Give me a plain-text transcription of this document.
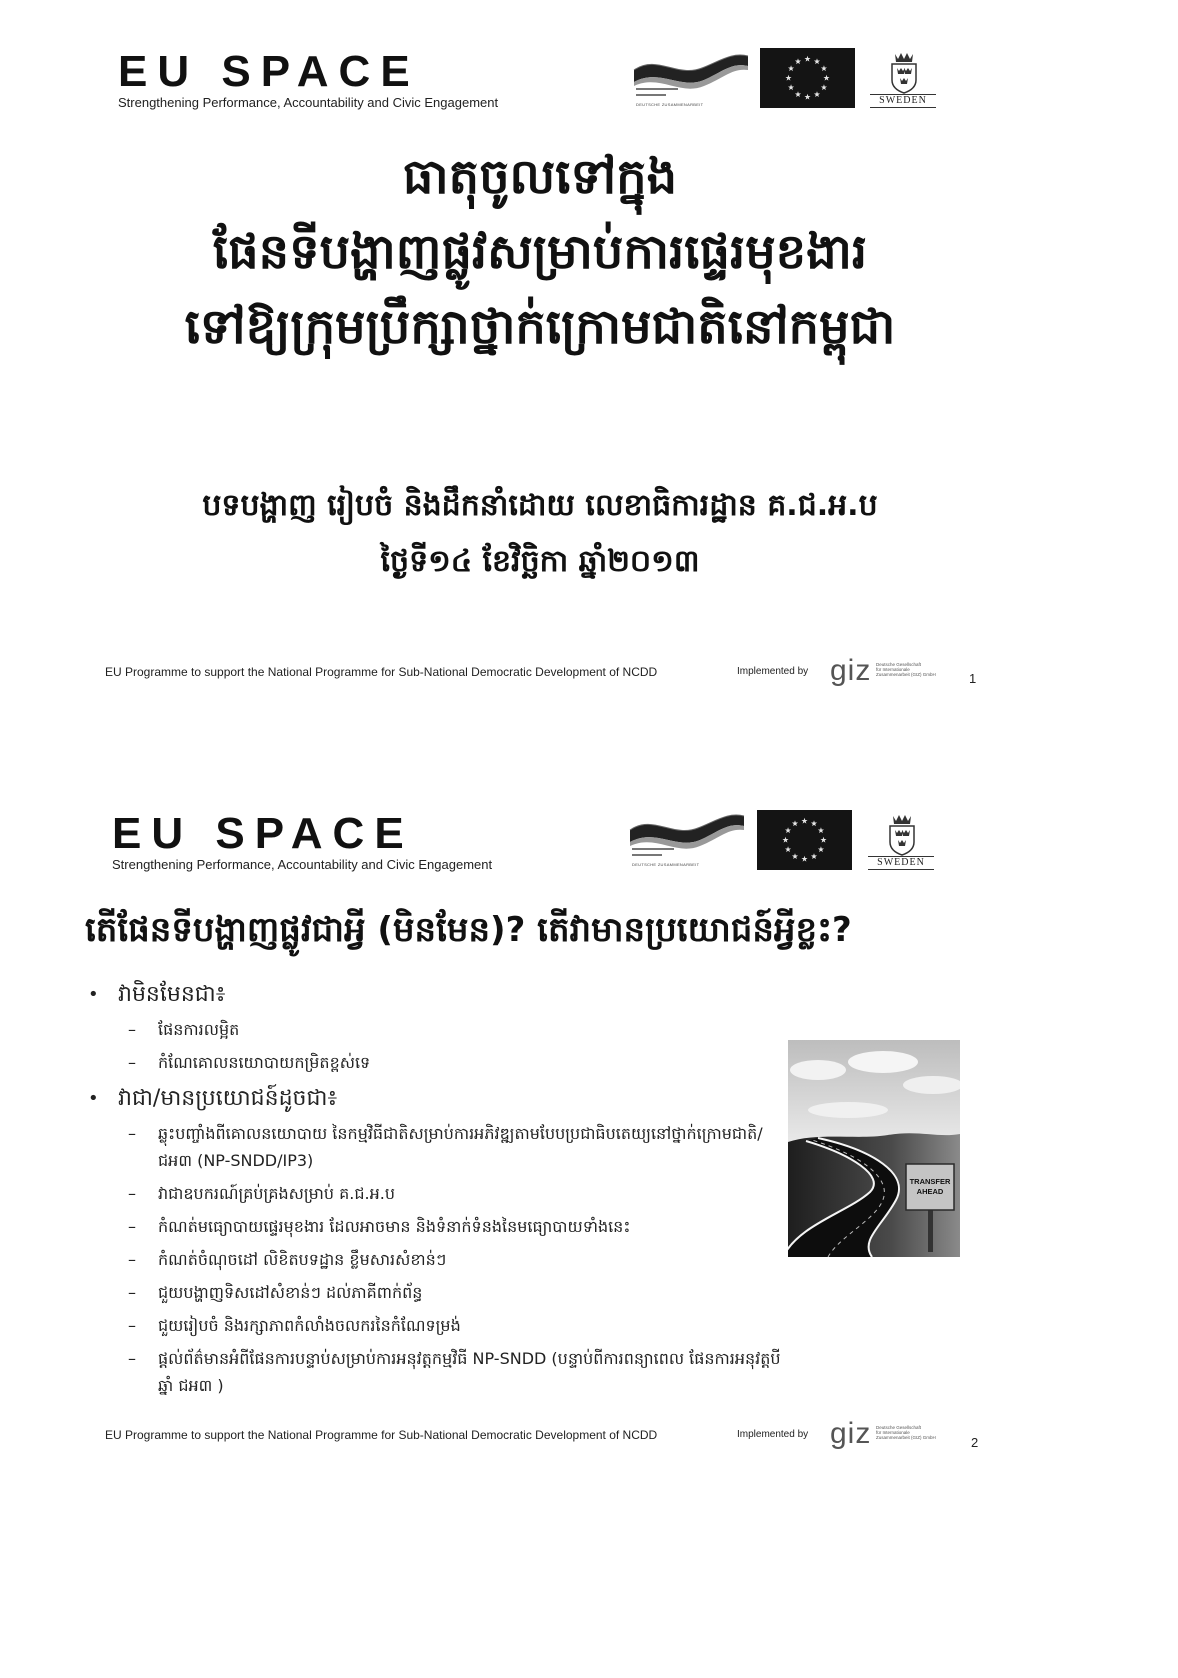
EU SPACE
Strengthening Performance, Accountability and Civic Engagement	DEUTSCHE ZUSAMMENARBEIT	SWEDEN
ធាតុចូលទៅក្នុង
ផែនទីបង្ហាញផ្លូវសម្រាប់ការផ្ទេរមុខងារ
ទៅឱ្យក្រុមប្រឹក្សាថ្នាក់ក្រោមជាតិនៅកម្ពុជា
បទបង្ហាញ រៀបចំ និងដឹកនាំដោយ លេខាធិការដ្ឋាន គ.ជ.អ.ប
ថ្ងៃទី១៤ ខែវិច្ឆិកា ឆ្នាំ២០១៣
EU Programme to support the National Programme for Sub-National Democratic Development of NCDD	Implemented by giz Deutsche Gesellschaft
für Internationale
Zusammenarbeit (GIZ) GmbH	1
EU SPACE
Strengthening Performance, Accountability and Civic Engagement	DEUTSCHE ZUSAMMENARBEIT	SWEDEN
តើផែនទីបង្ហាញផ្លូវជាអ្វី (មិនមែន)? តើវាមានប្រយោជន៍អ្វីខ្លះ?
• វាមិនមែនជា៖
– ផែនការលម្អិត
– កំណែគោលនយោបាយកម្រិតខ្ពស់ទេ
• វាជា/មានប្រយោជន៍ដូចជា៖
– ឆ្លុះបញ្ចាំងពីគោលនយោបាយ នៃកម្មវិធីជាតិសម្រាប់ការអភិវឌ្ឍតាមបែបប្រជាធិបតេយ្យនៅថ្នាក់ក្រោមជាតិ/ ជអ៣ (NP-SNDD/IP3)
– វាជាឧបករណ៍គ្រប់គ្រងសម្រាប់ គ.ជ.អ.ប
– កំណត់មធ្យោបាយផ្ទេរមុខងារ ដែលអាចមាន និងទំនាក់ទំនងនៃមធ្យោបាយទាំងនេះ
– កំណត់ចំណុចដៅ លិខិតបទដ្ឋាន ខ្លឹមសារសំខាន់ៗ
– ជួយបង្ហាញទិសដៅសំខាន់ៗ ដល់ភាគីពាក់ព័ន្ធ
– ជួយរៀបចំ និងរក្សាភាពកំលាំងចលករនៃកំណែទម្រង់
– ផ្ដល់ព័ត៌មានអំពីផែនការបន្ទាប់សម្រាប់ការអនុវត្តកម្មវិធី NP-SNDD (បន្ទាប់ពីការពន្យាពេល ផែនការអនុវត្តបីឆ្នាំ ជអ៣ )
TRANSFER
AHEAD
EU Programme to support the National Programme for Sub-National Democratic Development of NCDD	Implemented by giz Deutsche Gesellschaft
für Internationale
Zusammenarbeit (GIZ) GmbH	2
